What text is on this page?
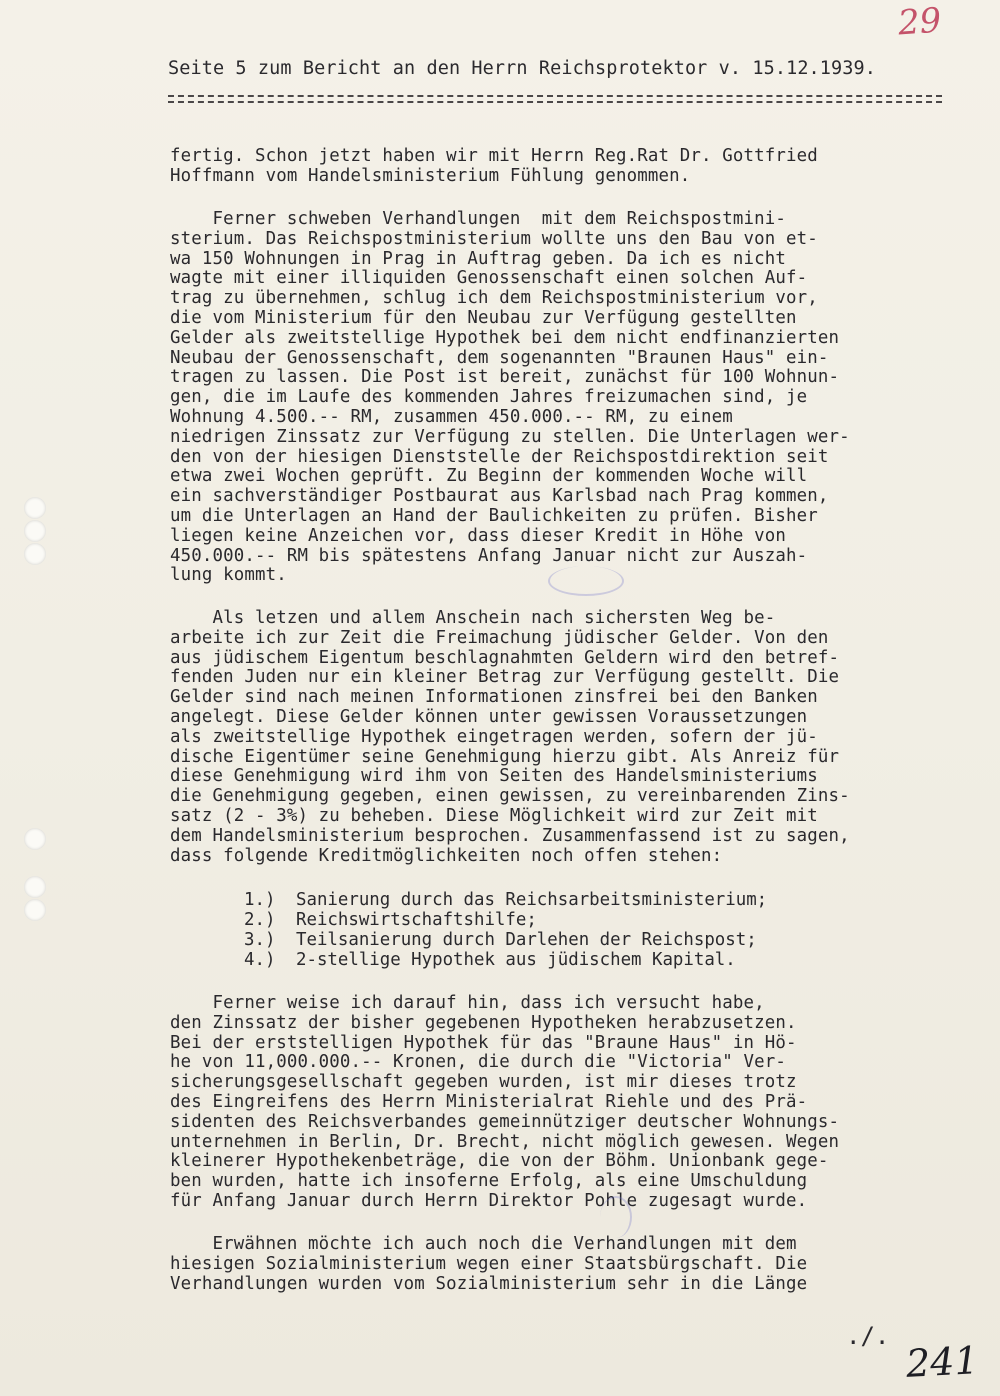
29
Seite 5 zum Bericht an den Herrn Reichsprotektor v. 15.12.1939.
fertig. Schon jetzt haben wir mit Herrn Reg.Rat Dr. Gottfried
Hoffmann vom Handelsministerium Fühlung genommen.
Ferner schweben Verhandlungen  mit dem Reichspostmini-
sterium. Das Reichspostministerium wollte uns den Bau von et-
wa 150 Wohnungen in Prag in Auftrag geben. Da ich es nicht
wagte mit einer illiquiden Genossenschaft einen solchen Auf-
trag zu übernehmen, schlug ich dem Reichspostministerium vor,
die vom Ministerium für den Neubau zur Verfügung gestellten
Gelder als zweitstellige Hypothek bei dem nicht endfinanzierten
Neubau der Genossenschaft, dem sogenannten "Braunen Haus" ein-
tragen zu lassen. Die Post ist bereit, zunächst für 100 Wohnun-
gen, die im Laufe des kommenden Jahres freizumachen sind, je
Wohnung 4.500.-- RM, zusammen 450.000.-- RM, zu einem
niedrigen Zinssatz zur Verfügung zu stellen. Die Unterlagen wer-
den von der hiesigen Dienststelle der Reichspostdirektion seit
etwa zwei Wochen geprüft. Zu Beginn der kommenden Woche will
ein sachverständiger Postbaurat aus Karlsbad nach Prag kommen,
um die Unterlagen an Hand der Baulichkeiten zu prüfen. Bisher
liegen keine Anzeichen vor, dass dieser Kredit in Höhe von
450.000.-- RM bis spätestens Anfang Januar nicht zur Auszah-
lung kommt.
Als letzen und allem Anschein nach sichersten Weg be-
arbeite ich zur Zeit die Freimachung jüdischer Gelder. Von den
aus jüdischem Eigentum beschlagnahmten Geldern wird den betref-
fenden Juden nur ein kleiner Betrag zur Verfügung gestellt. Die
Gelder sind nach meinen Informationen zinsfrei bei den Banken
angelegt. Diese Gelder können unter gewissen Voraussetzungen
als zweitstellige Hypothek eingetragen werden, sofern der jü-
dische Eigentümer seine Genehmigung hierzu gibt. Als Anreiz für
diese Genehmigung wird ihm von Seiten des Handelsministeriums
die Genehmigung gegeben, einen gewissen, zu vereinbarenden Zins-
satz (2 - 3%) zu beheben. Diese Möglichkeit wird zur Zeit mit
dem Handelsministerium besprochen. Zusammenfassend ist zu sagen,
dass folgende Kreditmöglichkeiten noch offen stehen:
1.) Sanierung durch das Reichsarbeitsministerium;
2.) Reichswirtschaftshilfe;
3.) Teilsanierung durch Darlehen der Reichspost;
4.) 2-stellige Hypothek aus jüdischem Kapital.
Ferner weise ich darauf hin, dass ich versucht habe,
den Zinssatz der bisher gegebenen Hypotheken herabzusetzen.
Bei der erststelligen Hypothek für das "Braune Haus" in Hö-
he von 11,000.000.-- Kronen, die durch die "Victoria" Ver-
sicherungsgesellschaft gegeben wurden, ist mir dieses trotz
des Eingreifens des Herrn Ministerialrat Riehle und des Prä-
sidenten des Reichsverbandes gemeinnütziger deutscher Wohnungs-
unternehmen in Berlin, Dr. Brecht, nicht möglich gewesen. Wegen
kleinerer Hypothekenbeträge, die von der Böhm. Unionbank gege-
ben wurden, hatte ich insoferne Erfolg, als eine Umschuldung
für Anfang Januar durch Herrn Direktor Pohle zugesagt wurde.
Erwähnen möchte ich auch noch die Verhandlungen mit dem
hiesigen Sozialministerium wegen einer Staatsbürgschaft. Die
Verhandlungen wurden vom Sozialministerium sehr in die Länge
./.
241
